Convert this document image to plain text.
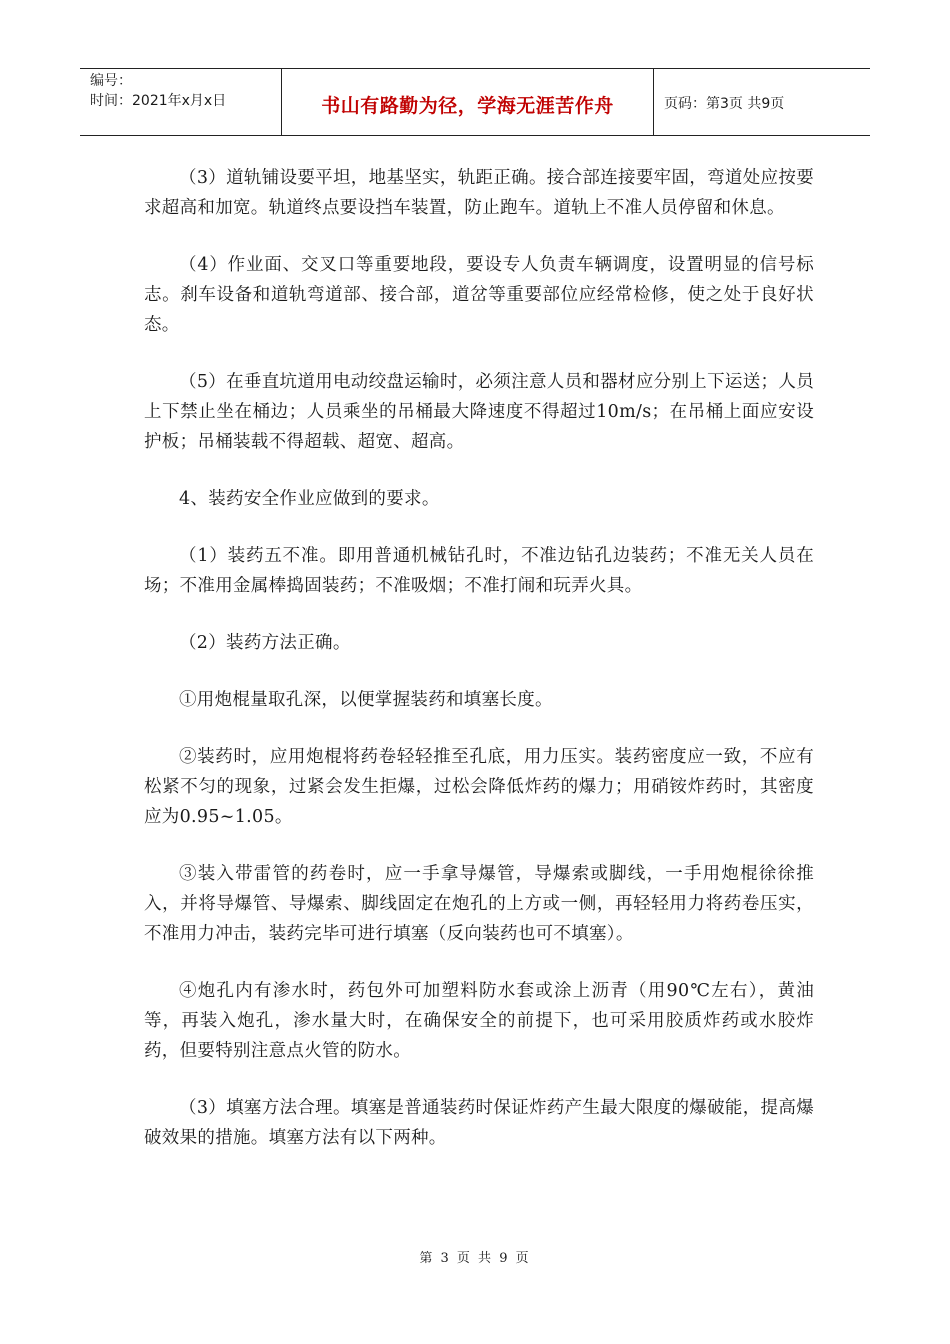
编号：
时间：2021年x月x日	书山有路勤为径，学海无涯苦作舟	页码：第3页 共9页

（3）道轨铺设要平坦，地基坚实，轨距正确。接合部连接要牢固，弯道处应按要求超高和加宽。轨道终点要设挡车装置，防止跑车。道轨上不准人员停留和休息。

（4）作业面、交叉口等重要地段，要设专人负责车辆调度，设置明显的信号标志。刹车设备和道轨弯道部、接合部，道岔等重要部位应经常检修，使之处于良好状态。

（5）在垂直坑道用电动绞盘运输时，必须注意人员和器材应分别上下运送；人员上下禁止坐在桶边；人员乘坐的吊桶最大降速度不得超过10m/s；在吊桶上面应安设护板；吊桶装载不得超载、超宽、超高。

4、装药安全作业应做到的要求。

（1）装药五不准。即用普通机械钻孔时，不准边钻孔边装药；不准无关人员在场；不准用金属棒捣固装药；不准吸烟；不准打闹和玩弄火具。

（2）装药方法正确。

①用炮棍量取孔深，以便掌握装药和填塞长度。

②装药时，应用炮棍将药卷轻轻推至孔底，用力压实。装药密度应一致，不应有松紧不匀的现象，过紧会发生拒爆，过松会降低炸药的爆力；用硝铵炸药时，其密度应为0.95~1.05。

③装入带雷管的药卷时，应一手拿导爆管，导爆索或脚线，一手用炮棍徐徐推入，并将导爆管、导爆索、脚线固定在炮孔的上方或一侧，再轻轻用力将药卷压实，不准用力冲击，装药完毕可进行填塞（反向装药也可不填塞）。

④炮孔内有渗水时，药包外可加塑料防水套或涂上沥青（用90℃左右），黄油等，再装入炮孔，渗水量大时，在确保安全的前提下，也可采用胶质炸药或水胶炸药，但要特别注意点火管的防水。

（3）填塞方法合理。填塞是普通装药时保证炸药产生最大限度的爆破能，提高爆破效果的措施。填塞方法有以下两种。

第 3 页 共 9 页
